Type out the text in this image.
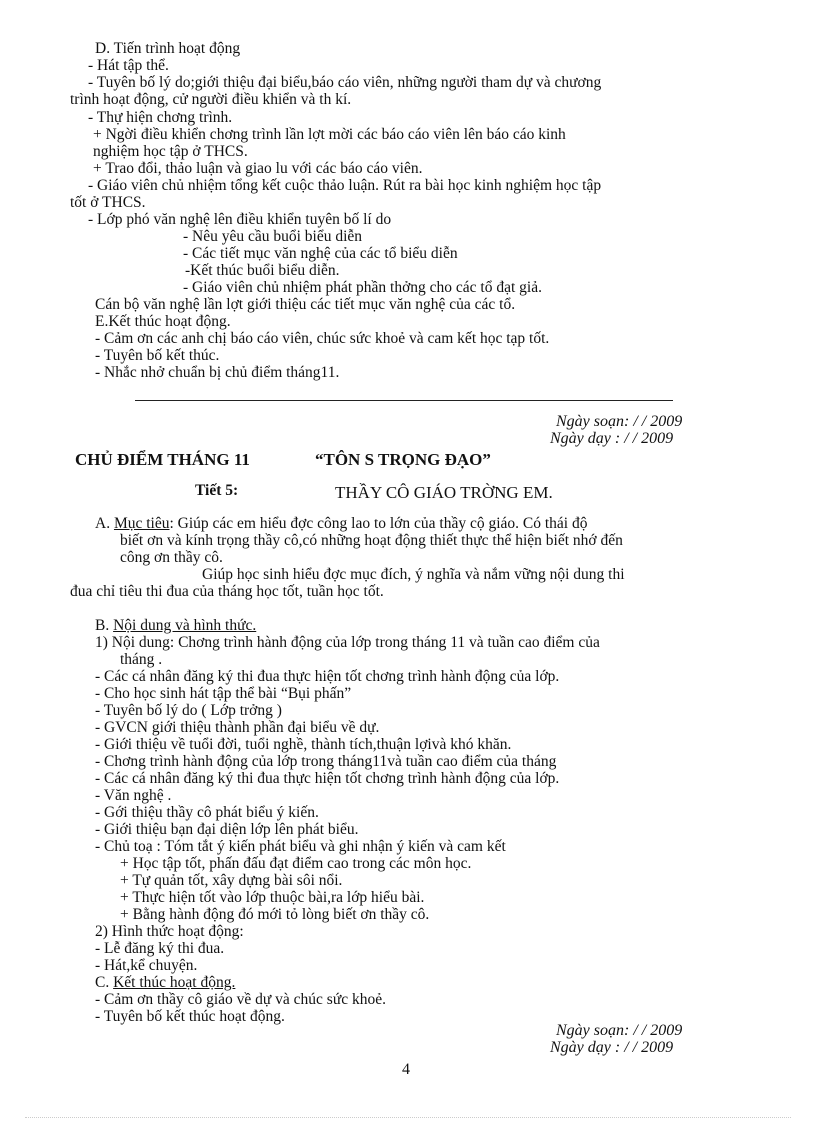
D. Tiến trình hoạt động
- Hát tập thể.
- Tuyên bố lý do;giới thiệu đại biểu,báo cáo viên, những người tham dự và chương
trình hoạt động, cử người điều khiển và th kí.
- Thự hiện chơng trình.
+ Ngời điều khiển chơng trình lần lợt mời các báo cáo viên lên báo cáo kinh
nghiệm học tập ở THCS.
+ Trao đổi, thảo luận và giao lu với các báo cáo viên.
- Giáo viên chủ nhiệm tổng kết cuộc thảo luận. Rút ra bài học kinh nghiệm học tập
tốt ở THCS.
- Lớp phó văn nghệ lên điều khiển tuyên bố lí do
- Nêu yêu cầu buổi biểu diễn
- Các tiết mục văn nghệ của các tổ biểu diễn
-Kết thúc buổi biểu diễn.
- Giáo viên chủ nhiệm phát phần thởng cho các tổ đạt giả.
Cán bộ văn nghệ lần lợt giới thiệu các tiết mục văn nghệ của các tổ.
E.Kết thúc hoạt động.
- Cảm ơn các anh chị báo cáo viên, chúc sức khoẻ và cam kết học tạp tốt.
- Tuyên bố kết thúc.
- Nhắc nhở chuẩn bị chủ điểm tháng11.
Ngày soạn: / / 2009
Ngày dạy : / / 2009
CHỦ ĐIỂM THÁNG 11	“TÔN S TRỌNG ĐẠO”
Tiết 5:	THẦY CÔ GIÁO TRỜNG EM.
A. Mục tiêu: Giúp các em hiểu đợc công lao to lớn của thầy cộ giáo. Có thái độ
biết ơn và kính trọng thầy cô,có những hoạt động thiết thực thể hiện biết nhớ đến
công ơn thầy cô.
Giúp học sinh hiểu đợc mục đích, ý nghĩa và nắm vững nội dung thi
đua chỉ tiêu thi đua của tháng học tốt, tuần học tốt.
B. Nội dung và hình thức.
1) Nội dung: Chơng trình hành động của lớp trong tháng 11 và tuần cao điểm của
tháng .
- Các cá nhân đăng ký thi đua thực hiện tốt chơng trình hành động của lớp.
- Cho học sinh hát tập thể bài “Bụi phấn”
- Tuyên bố lý do ( Lớp trởng )
- GVCN giới thiệu thành phần đại biểu về dự.
- Giới thiệu về tuổi đời, tuổi nghề, thành tích,thuận lợivà khó khăn.
- Chơng trình hành động của lớp trong tháng11và tuần cao điểm của tháng
- Các cá nhân đăng ký thi đua thực hiện tốt chơng trình hành động của lớp.
- Văn nghệ .
- Gới thiệu thầy cô phát biểu ý kiến.
- Giới thiệu bạn đại diện lớp lên phát biểu.
- Chủ toạ : Tóm tắt ý kiến phát biểu và ghi nhận ý kiến và cam kết
+ Học tập tốt, phấn đấu đạt điểm cao trong các môn học.
+ Tự quản tốt, xây dựng bài sôi nổi.
+ Thực hiện tốt vào lớp thuộc bài,ra lớp hiểu bài.
+ Bằng hành động đó mới tỏ lòng biết ơn thầy cô.
2) Hình thức hoạt động:
- Lễ đăng ký thi đua.
- Hát,kể chuyện.
C. Kết thúc hoạt động.
- Cảm ơn thầy cô giáo về dự và chúc sức khoẻ.
- Tuyên bố kết thúc hoạt động.
Ngày soạn: / / 2009
Ngày dạy : / / 2009
4
